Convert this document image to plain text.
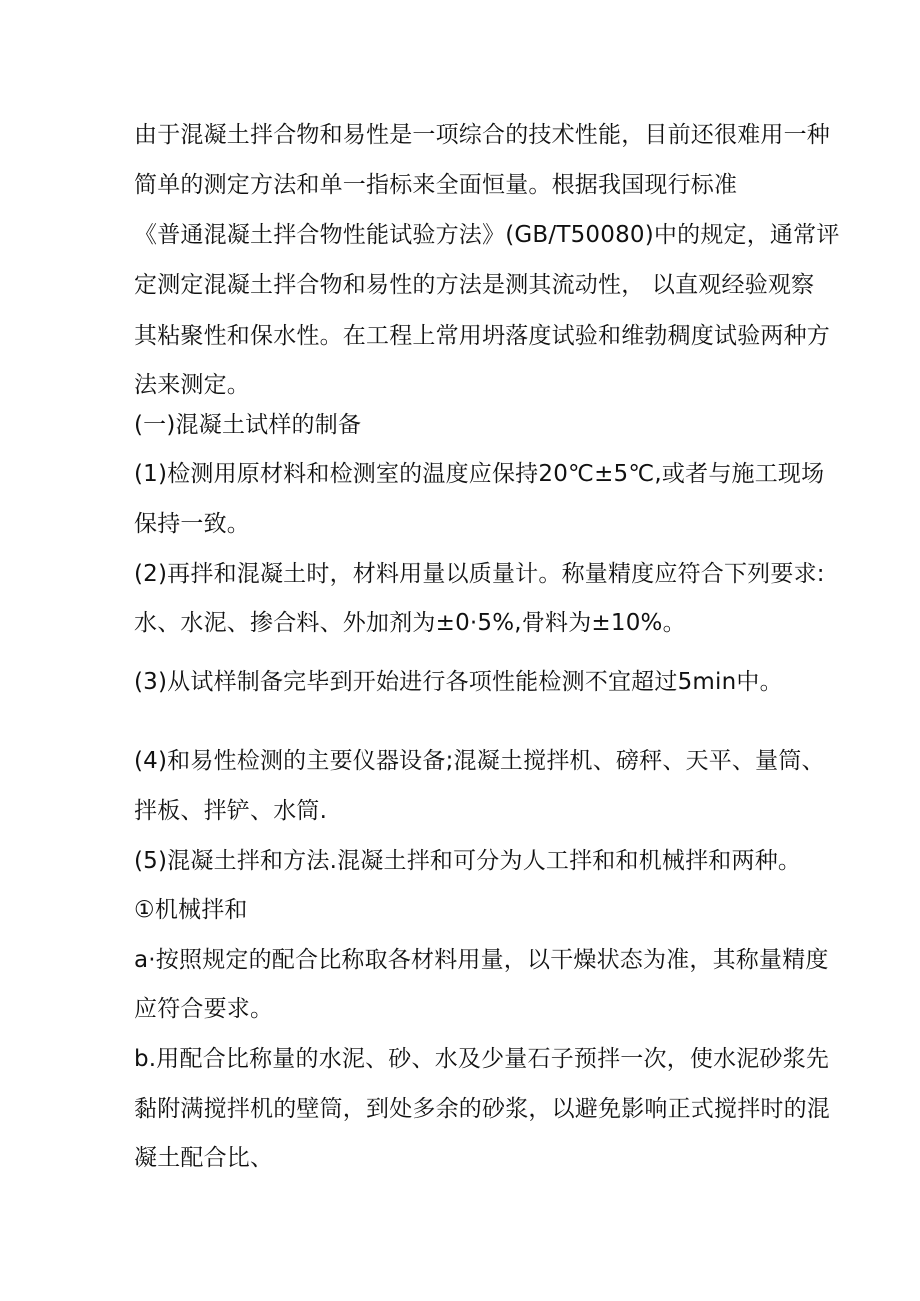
由于混凝土拌合物和易性是一项综合的技术性能，目前还很难用一种
简单的测定方法和单一指标来全面恒量。根据我国现行标准
《普通混凝土拌合物性能试验方法》(GB/T50080)中的规定，通常评
定测定混凝土拌合物和易性的方法是测其流动性， 以直观经验观察
其粘聚性和保水性。在工程上常用坍落度试验和维勃稠度试验两种方
法来测定。
(一)混凝土试样的制备
(1)检测用原材料和检测室的温度应保持20℃±5℃,或者与施工现场
保持一致。
(2)再拌和混凝土时，材料用量以质量计。称量精度应符合下列要求:
水、水泥、掺合料、外加剂为±0·5%,骨料为±10%。
(3)从试样制备完毕到开始进行各项性能检测不宜超过5min中。
(4)和易性检测的主要仪器设备;混凝土搅拌机、磅秤、天平、量筒、
拌板、拌铲、水筒.
(5)混凝土拌和方法.混凝土拌和可分为人工拌和和机械拌和两种。
①机械拌和
a·按照规定的配合比称取各材料用量，以干燥状态为准，其称量精度
应符合要求。
b.用配合比称量的水泥、砂、水及少量石子预拌一次，使水泥砂浆先
黏附满搅拌机的壁筒，到处多余的砂浆，以避免影响正式搅拌时的混
凝土配合比、
